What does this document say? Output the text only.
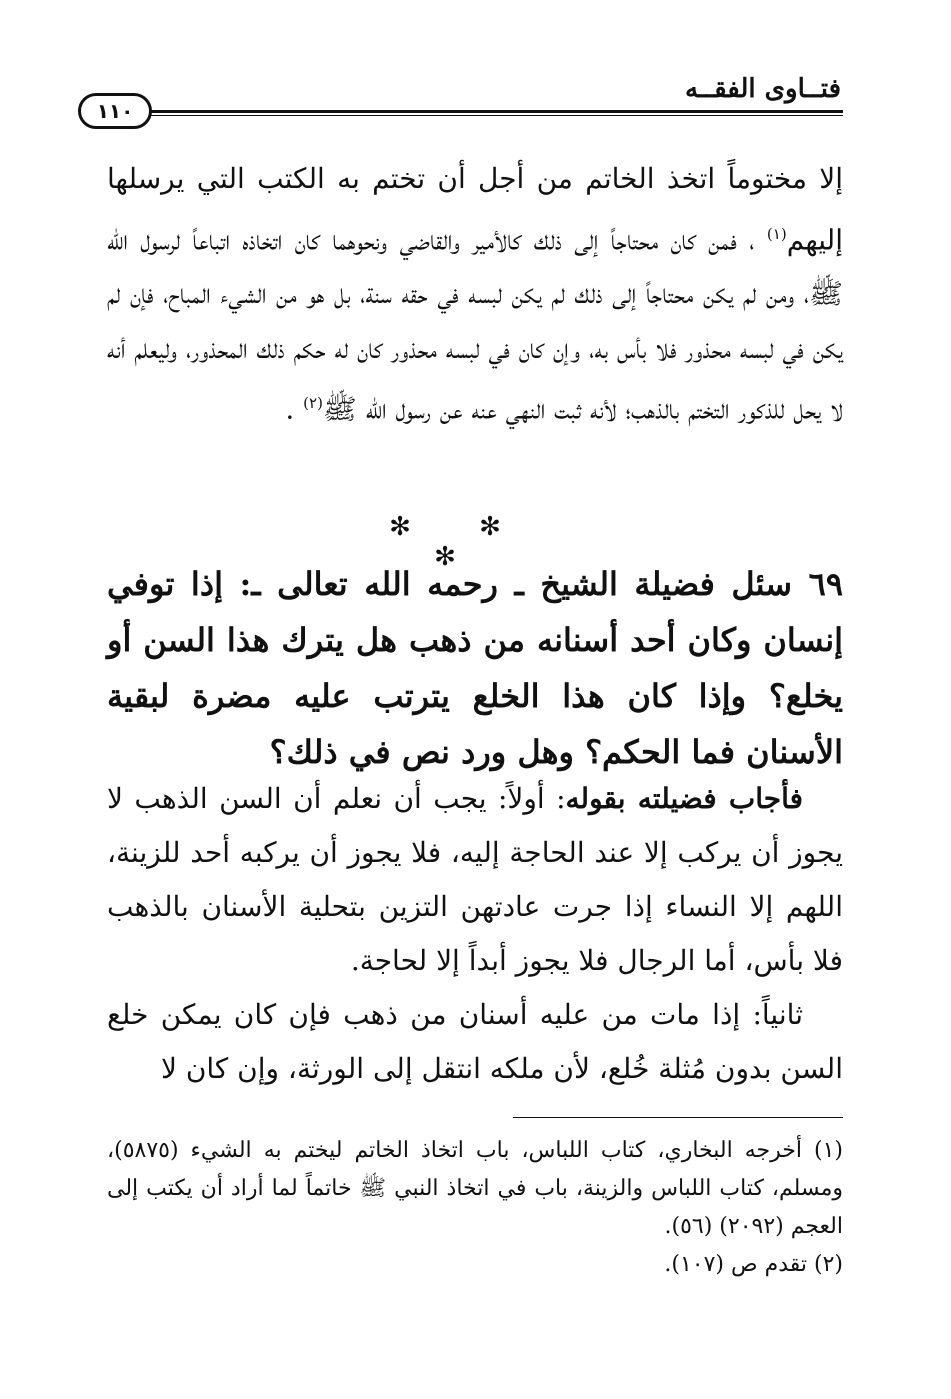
فتــاوى الفقــه
١١٠
إلا مختوماً اتخذ الخاتم من أجل أن تختم به الكتب التي يرسلها إليهم$^{(١)}$ ، فمن كان محتاجاً إلى ذلك كالأمير والقاضي ونحوهما كان اتخاذه اتباعاً لرسول الله ﷺ، ومن لم يكن محتاجاً إلى ذلك لم يكن لبسه في حقه سنة، بل هو من الشيء المباح، فإن لم يكن في لبسه محذور فلا بأس به، وإن كان في لبسه محذور كان له حكم ذلك المحذور، وليعلم أنه لا يحل للذكور التختم بالذهب؛ لأنه ثبت النهي عنه عن رسول الله ﷺ$^{(٢)}$ .
✻ ✻ ✻
٦٩ سئل فضيلة الشيخ ـ رحمه الله تعالى ـ: إذا توفي إنسان وكان أحد أسنانه من ذهب هل يترك هذا السن أو يخلع؟ وإذا كان هذا الخلع يترتب عليه مضرة لبقية الأسنان فما الحكم؟ وهل ورد نص في ذلك؟

فأجاب فضيلته بقوله: أولاً: يجب أن نعلم أن السن الذهب لا يجوز أن يركب إلا عند الحاجة إليه، فلا يجوز أن يركبه أحد للزينة، اللهم إلا النساء إذا جرت عادتهن التزين بتحلية الأسنان بالذهب فلا بأس، أما الرجال فلا يجوز أبداً إلا لحاجة.

ثانياً: إذا مات من عليه أسنان من ذهب فإن كان يمكن خلع السن بدون مُثلة خُلع، لأن ملكه انتقل إلى الورثة، وإن كان لا

(١) أخرجه البخاري، كتاب اللباس، باب اتخاذ الخاتم ليختم به الشيء (٥٨٧٥)، ومسلم، كتاب اللباس والزينة، باب في اتخاذ النبي ﷺ خاتماً لما أراد أن يكتب إلى العجم (٢٠٩٢) (٥٦).

(٢) تقدم ص (١٠٧).
